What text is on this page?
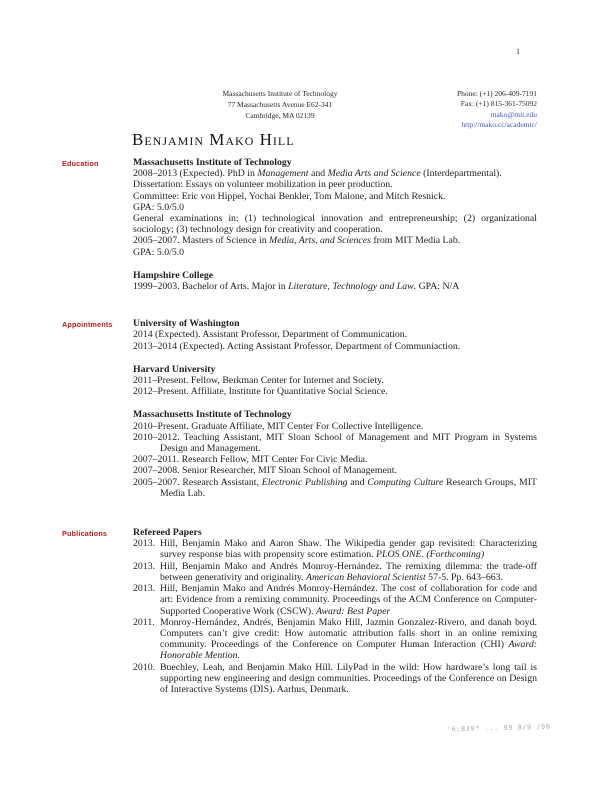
1
Massachusetts Institute of Technology
77 Massachusetts Avenue E62-341
Cambridge, MA 02139
Phone: (+1) 206-409-7191
Fax: (+1) 815-361-75092
mako@mit.edu
http://mako.cc/academic/
Benjamin Mako Hill
Education	Massachusetts Institute of Technology

2008–2013 (Expected). PhD in Management and Media Arts and Science (Interdepartmental).

Dissertation: Essays on volunteer mobilization in peer production.

Committee: Eric von Hippel, Yochai Benkler, Tom Malone, and Mitch Resnick.

GPA: 5.0/5.0

General examinations in: (1) technological innovation and entrepreneurship; (2) organizational sociology; (3) technology design for creativity and cooperation.

2005–2007. Masters of Science in Media, Arts, and Sciences from MIT Media Lab.

GPA: 5.0/5.0

Hampshire College

1999–2003. Bachelor of Arts. Major in Literature, Technology and Law. GPA: N/A

Appointments	University of Washington

2014 (Expected). Assistant Professor, Department of Communication.

2013–2014 (Expected). Acting Assistant Professor, Department of Communiaction.

Harvard University

2011–Present. Fellow, Berkman Center for Internet and Society.

2012–Present. Affiliate, Institute for Quantitative Social Science.

Massachusetts Institute of Technology

2010–Present. Graduate Affiliate, MIT Center For Collective Intelligence.

2010–2012. Teaching Assistant, MIT Sloan School of Management and MIT Program in Systems Design and Management.

2007–2011. Research Fellow, MIT Center For Civic Media.

2007–2008. Senior Researcher, MIT Sloan School of Management.

2005–2007. Research Assistant, Electronic Publishing and Computing Culture Research Groups, MIT Media Lab.

Publications	Refereed Papers

2013. Hill, Benjamin Mako and Aaron Shaw. The Wikipedia gender gap revisited: Characterizing survey response bias with propensity score estimation. PLOS ONE. (Forthcoming)

2013. Hill, Benjamin Mako and Andrés Monroy-Hernández. The remixing dilemma: the trade-off between generativity and originality. American Behavioral Scientist 57-5. Pp. 643–663.

2013. Hill, Benjamin Mako and Andrés Monroy-Hernández. The cost of collaboration for code and art: Evidence from a remixing community. Proceedings of the ACM Conference on Computer-Supported Cooperative Work (CSCW). Award: Best Paper

2011. Monroy-Hernández, Andrés, Benjamin Mako Hill, Jazmin Gonzalez-Rivero, and danah boyd. Computers can’t give credit: How automatic attribution falls short in an online remixing community. Proceedings of the Conference on Computer Human Interaction (CHI) Award: Honorable Mention.

2010. Buechley, Leah, and Benjamin Mako Hill. LilyPad in the wild: How hardware’s long tail is supporting new engineering and design communities. Proceedings of the Conference on Design of Interactive Systems (DIS). Aarhus, Denmark.

'6:839* ... 99 8/9 /96
